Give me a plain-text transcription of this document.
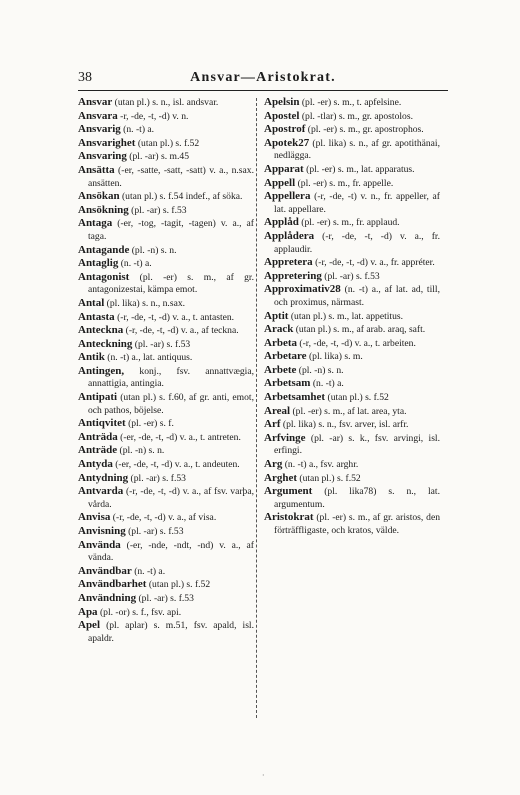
38	Ansvar—Aristokrat.

Ansvar (utan pl.) s. n., isl. andsvar.

Ansvara -r, -de, -t, -d) v. n.

Ansvarig (n. -t) a.

Ansvarighet (utan pl.) s. f.52

Ansvaring (pl. -ar) s. m.45

Ansätta (-er, -satte, -satt, -satt) v. a., n.sax. ansätten.

Ansökan (utan pl.) s. f.54 indef., af söka.

Ansökning (pl. -ar) s. f.53

Antaga (-er, -tog, -tagit, -tagen) v. a., af taga.

Antagande (pl. -n) s. n.

Antaglig (n. -t) a.

Antagonist (pl. -er) s. m., af gr. antagonizestai, kämpa emot.

Antal (pl. lika) s. n., n.sax.

Antasta (-r, -de, -t, -d) v. a., t. antasten.

Anteckna (-r, -de, -t, -d) v. a., af teckna.

Anteckning (pl. -ar) s. f.53

Antik (n. -t) a., lat. antiquus.

Antingen, konj., fsv. annattvægia, annattigia, antingia.

Antipati (utan pl.) s. f.60, af gr. anti, emot, och pathos, böjelse.

Antiqvitet (pl. -er) s. f.

Anträda (-er, -de, -t, -d) v. a., t. antreten.

Anträde (pl. -n) s. n.

Antyda (-er, -de, -t, -d) v. a., t. andeuten.

Antydning (pl. -ar) s. f.53

Antvarda (-r, -de, -t, -d) v. a., af fsv. varþa, vårda.

Anvisa (-r, -de, -t, -d) v. a., af visa.

Anvisning (pl. -ar) s. f.53

Använda (-er, -nde, -ndt, -nd) v. a., af vända.

Användbar (n. -t) a.

Användbarhet (utan pl.) s. f.52

Användning (pl. -ar) s. f.53

Apa (pl. -or) s. f., fsv. api.

Apel (pl. aplar) s. m.51, fsv. apald, isl. apaldr.

Apelsin (pl. -er) s. m., t. apfelsine.

Apostel (pl. -tlar) s. m., gr. apostolos.

Apostrof (pl. -er) s. m., gr. apostrophos.

Apotek27 (pl. lika) s. n., af gr. apotithänai, nedlägga.

Apparat (pl. -er) s. m., lat. apparatus.

Appell (pl. -er) s. m., fr. appelle.

Appellera (-r, -de, -t) v. n., fr. appeller, af lat. appellare.

Applåd (pl. -er) s. m., fr. applaud.

Applådera (-r, -de, -t, -d) v. a., fr. applaudir.

Appretera (-r, -de, -t, -d) v. a., fr. appréter.

Appretering (pl. -ar) s. f.53

Approximativ28 (n. -t) a., af lat. ad, till, och proximus, närmast.

Aptit (utan pl.) s. m., lat. appetitus.

Arack (utan pl.) s. m., af arab. araq, saft.

Arbeta (-r, -de, -t, -d) v. a., t. arbeiten.

Arbetare (pl. lika) s. m.

Arbete (pl. -n) s. n.

Arbetsam (n. -t) a.

Arbetsamhet (utan pl.) s. f.52

Areal (pl. -er) s. m., af lat. area, yta.

Arf (pl. lika) s. n., fsv. arver, isl. arfr.

Arfvinge (pl. -ar) s. k., fsv. arvingi, isl. erfingi.

Arg (n. -t) a., fsv. arghr.

Arghet (utan pl.) s. f.52

Argument (pl. lika78) s. n., lat. argumentum.

Aristokrat (pl. -er) s. m., af gr. aristos, den förträffligaste, och kratos, välde.

·
